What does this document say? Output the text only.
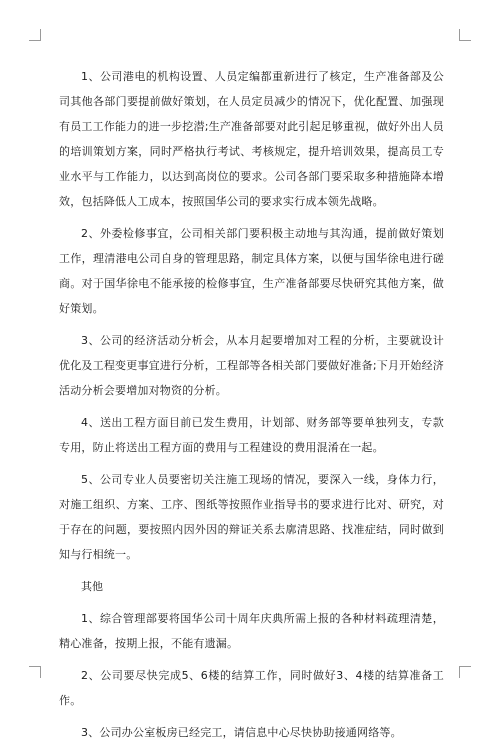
1、公司港电的机构设置、人员定编都重新进行了核定，生产准备部及公司其他各部门要提前做好策划，在人员定员减少的情况下，优化配置、加强现有员工工作能力的进一步挖潜;生产准备部要对此引起足够重视，做好外出人员的培训策划方案，同时严格执行考试、考核规定，提升培训效果，提高员工专业水平与工作能力，以达到高岗位的要求。公司各部门要采取多种措施降本增效，包括降低人工成本，按照国华公司的要求实行成本领先战略。

2、外委检修事宜，公司相关部门要积极主动地与其沟通，提前做好策划工作，理清港电公司自身的管理思路，制定具体方案，以便与国华徐电进行磋商。对于国华徐电不能承接的检修事宜，生产准备部要尽快研究其他方案，做好策划。

3、公司的经济活动分析会，从本月起要增加对工程的分析，主要就设计优化及工程变更事宜进行分析，工程部等各相关部门要做好准备;下月开始经济活动分析会要增加对物资的分析。

4、送出工程方面目前已发生费用，计划部、财务部等要单独列支，专款专用，防止将送出工程方面的费用与工程建设的费用混淆在一起。

5、公司专业人员要密切关注施工现场的情况，要深入一线，身体力行，对施工组织、方案、工序、图纸等按照作业指导书的要求进行比对、研究，对于存在的问题，要按照内因外因的辩证关系去廓清思路、找准症结，同时做到知与行相统一。

其他

1、综合管理部要将国华公司十周年庆典所需上报的各种材料疏理清楚，精心准备，按期上报，不能有遗漏。

2、公司要尽快完成5、6楼的结算工作，同时做好3、4楼的结算准备工作。

3、公司办公室板房已经完工，请信息中心尽快协助接通网络等。
